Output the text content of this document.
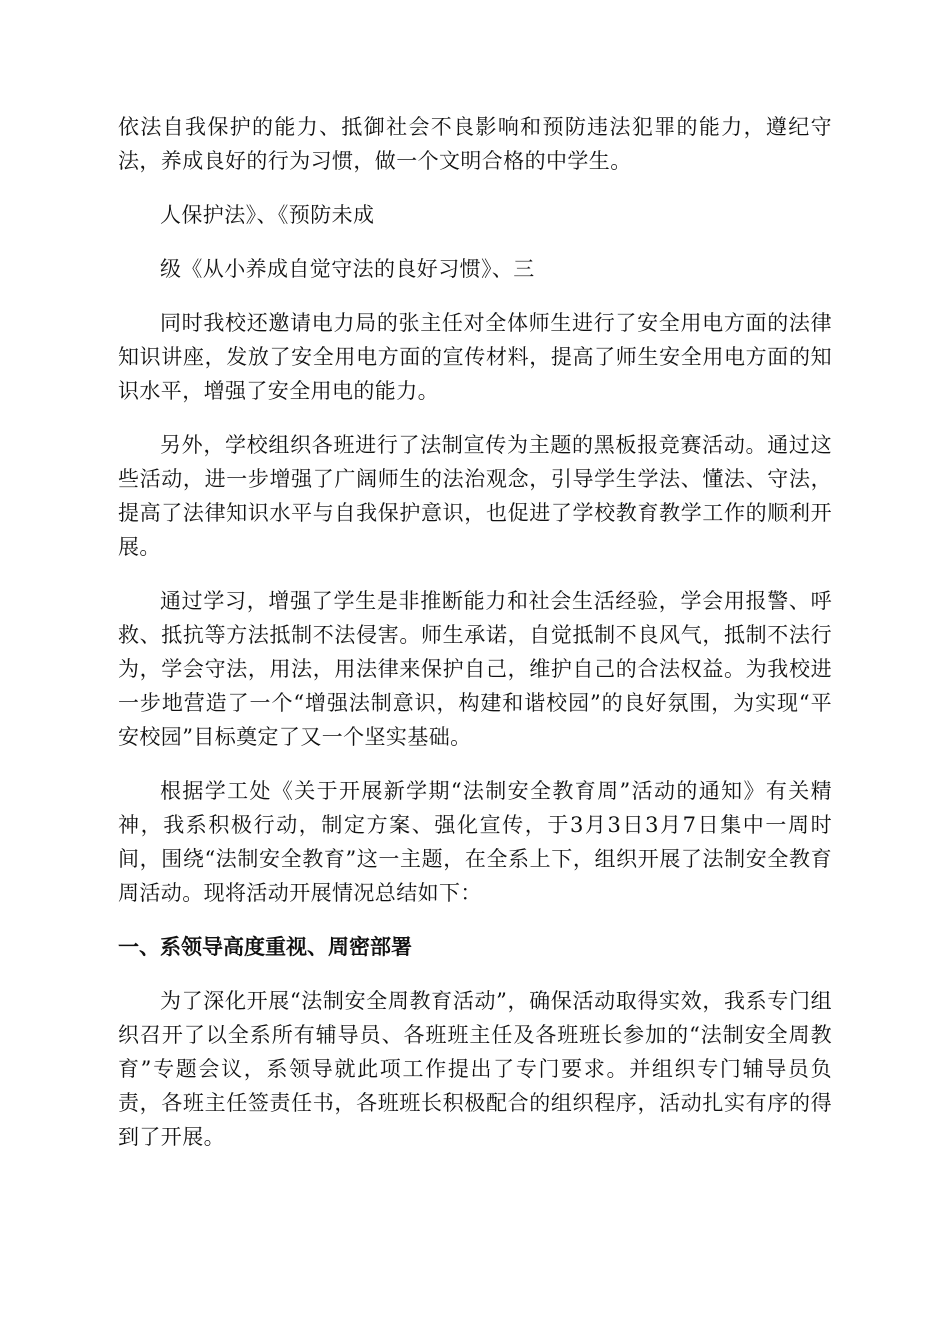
依法自我保护的能力、抵御社会不良影响和预防违法犯罪的能力，遵纪守法，养成良好的行为习惯，做一个文明合格的中学生。

人保护法》、《预防未成

级《从小养成自觉守法的良好习惯》、三

同时我校还邀请电力局的张主任对全体师生进行了安全用电方面的法律知识讲座，发放了安全用电方面的宣传材料，提高了师生安全用电方面的知识水平，增强了安全用电的能力。

另外，学校组织各班进行了法制宣传为主题的黑板报竞赛活动。通过这些活动，进一步增强了广阔师生的法治观念，引导学生学法、懂法、守法，提高了法律知识水平与自我保护意识，也促进了学校教育教学工作的顺利开展。

通过学习，增强了学生是非推断能力和社会生活经验，学会用报警、呼救、抵抗等方法抵制不法侵害。师生承诺，自觉抵制不良风气，抵制不法行为，学会守法，用法，用法律来保护自己，维护自己的合法权益。为我校进一步地营造了一个“增强法制意识，构建和谐校园”的良好氛围，为实现“平安校园”目标奠定了又一个坚实基础。

根据学工处《关于开展新学期“法制安全教育周”活动的通知》有关精神，我系积极行动，制定方案、强化宣传，于3月3日3月7日集中一周时间，围绕“法制安全教育”这一主题，在全系上下，组织开展了法制安全教育周活动。现将活动开展情况总结如下：

一、系领导高度重视、周密部署

为了深化开展“法制安全周教育活动”，确保活动取得实效，我系专门组织召开了以全系所有辅导员、各班班主任及各班班长参加的“法制安全周教育”专题会议，系领导就此项工作提出了专门要求。并组织专门辅导员负责，各班主任签责任书，各班班长积极配合的组织程序，活动扎实有序的得到了开展。
